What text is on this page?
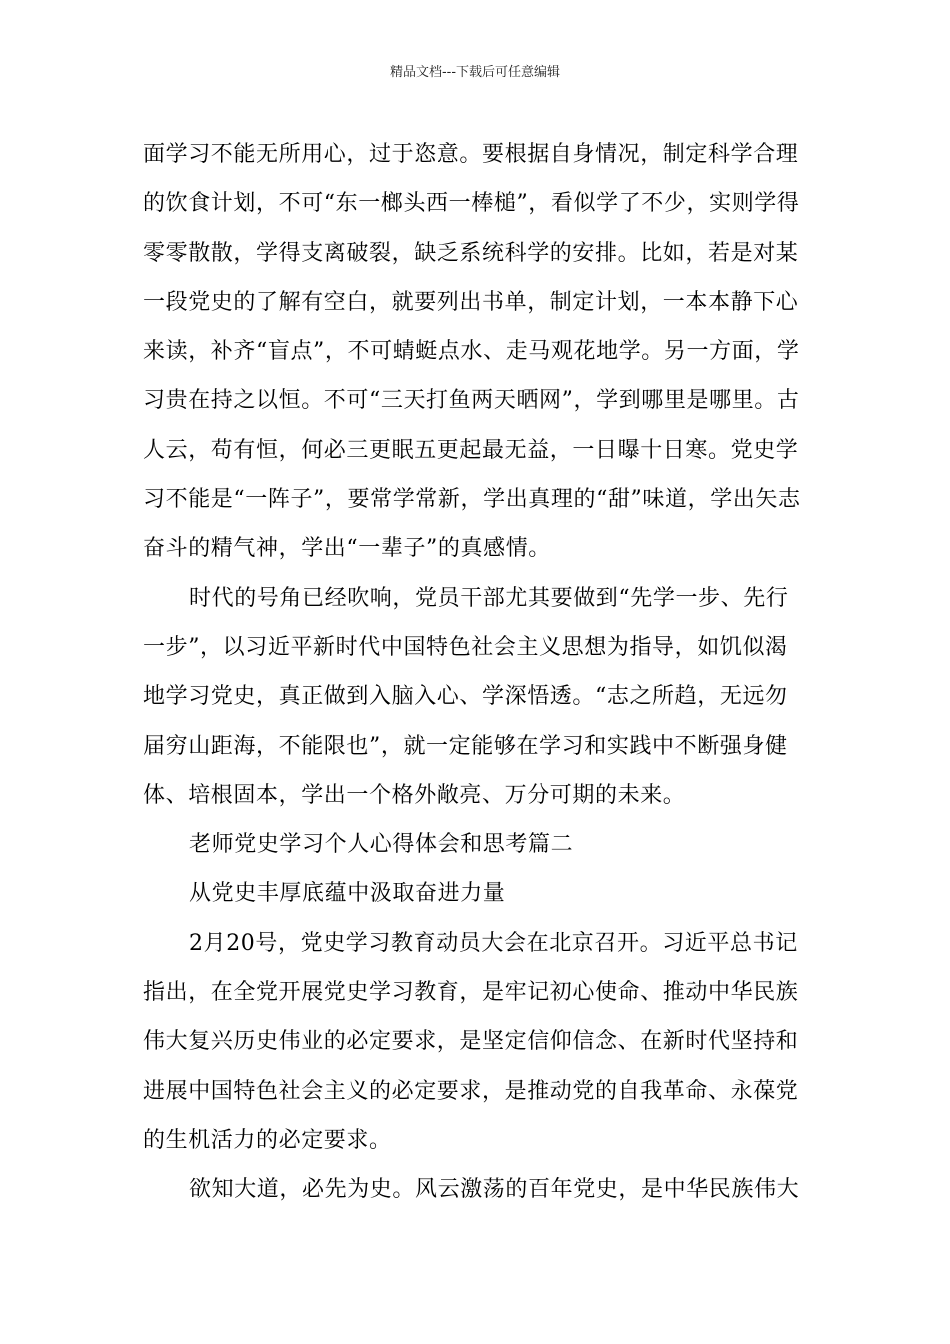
精品文档---下载后可任意编辑

面学习不能无所用心，过于恣意。要根据自身情况，制定科学合理的饮食计划，不可“东一榔头西一棒槌”，看似学了不少，实则学得零零散散，学得支离破裂，缺乏系统科学的安排。比如，若是对某一段党史的了解有空白，就要列出书单，制定计划，一本本静下心来读，补齐“盲点”，不可蜻蜓点水、走马观花地学。另一方面，学习贵在持之以恒。不可“三天打鱼两天晒网”，学到哪里是哪里。古人云，苟有恒，何必三更眠五更起最无益，一日曝十日寒。党史学习不能是“一阵子”，要常学常新，学出真理的“甜”味道，学出矢志奋斗的精气神，学出“一辈子”的真感情。

时代的号角已经吹响，党员干部尤其要做到“先学一步、先行一步”，以习近平新时代中国特色社会主义思想为指导，如饥似渴地学习党史，真正做到入脑入心、学深悟透。“志之所趋，无远勿届穷山距海，不能限也”，就一定能够在学习和实践中不断强身健体、培根固本，学出一个格外敞亮、万分可期的未来。

老师党史学习个人心得体会和思考篇二

从党史丰厚底蕴中汲取奋进力量

2月20号，党史学习教育动员大会在北京召开。习近平总书记指出，在全党开展党史学习教育，是牢记初心使命、推动中华民族伟大复兴历史伟业的必定要求，是坚定信仰信念、在新时代坚持和进展中国特色社会主义的必定要求，是推动党的自我革命、永葆党的生机活力的必定要求。

欲知大道，必先为史。风云激荡的百年党史，是中华民族伟大
